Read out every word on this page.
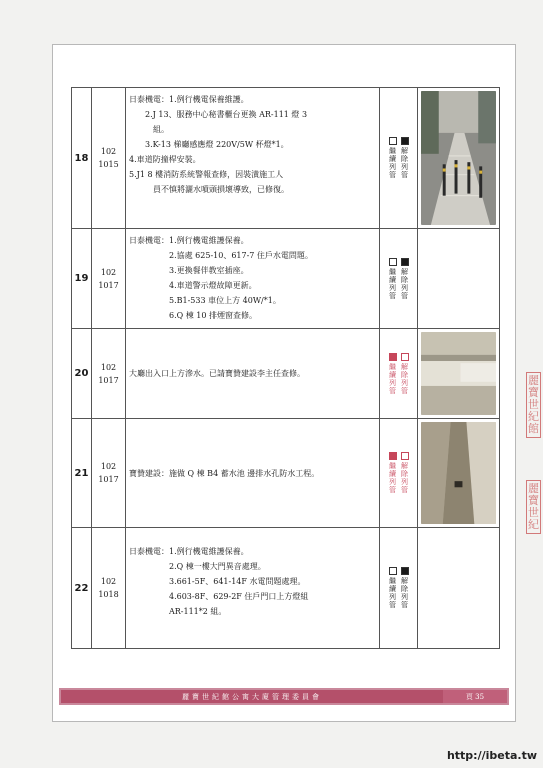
18
102
1015
日泰機電：1.例行機電保養維護。
　　2.J 13、服務中心秘書櫃台更換 AR-111 燈 3
　　　組。
　　3.K-13 梯廳感應燈 220V/5W 杯燈*1。
4.車道防撞桿安裝。
5.J1 8 樓消防系統警報查修，因裝潢施工人
　　　員不慎將灑水噴頭損壞導致，已修復。
繼
續
列
管
解
除
列
管
19
102
1017
日泰機電：1.例行機電維護保養。
　　　　　2.協處 625-10、617-7 住戶水電問題。
　　　　　3.更換餐伴教室插座。
　　　　　4.車道警示燈故障更新。
　　　　　5.B1-533 車位上方 40W/*1。
　　　　　6.Q 棟 10 排煙窗查修。
繼
續
列
管
解
除
列
管
20
102
1017
大廳出入口上方滲水。已請寶贊建設李主任查修。
繼
續
列
管
解
除
列
管
21
102
1017
寶贊建設：施做 Q 棟 B4 蓄水池 邊排水孔防水工程。
繼
續
列
管
解
除
列
管
22
102
1018
日泰機電：1.例行機電維護保養。
　　　　　2.Q 棟一樓大門異音處理。
　　　　　3.661-5F、641-14F 水電問題處理。
　　　　　4.603-8F、629-2F 住戶門口上方燈組
　　　　　AR-111*2 組。
繼
續
列
管
解
除
列
管
麗寶世紀館公寓大廈管理委員會	頁 35
麗
寶
世
紀
館
麗
寶
世
紀
http://ibeta.tw
